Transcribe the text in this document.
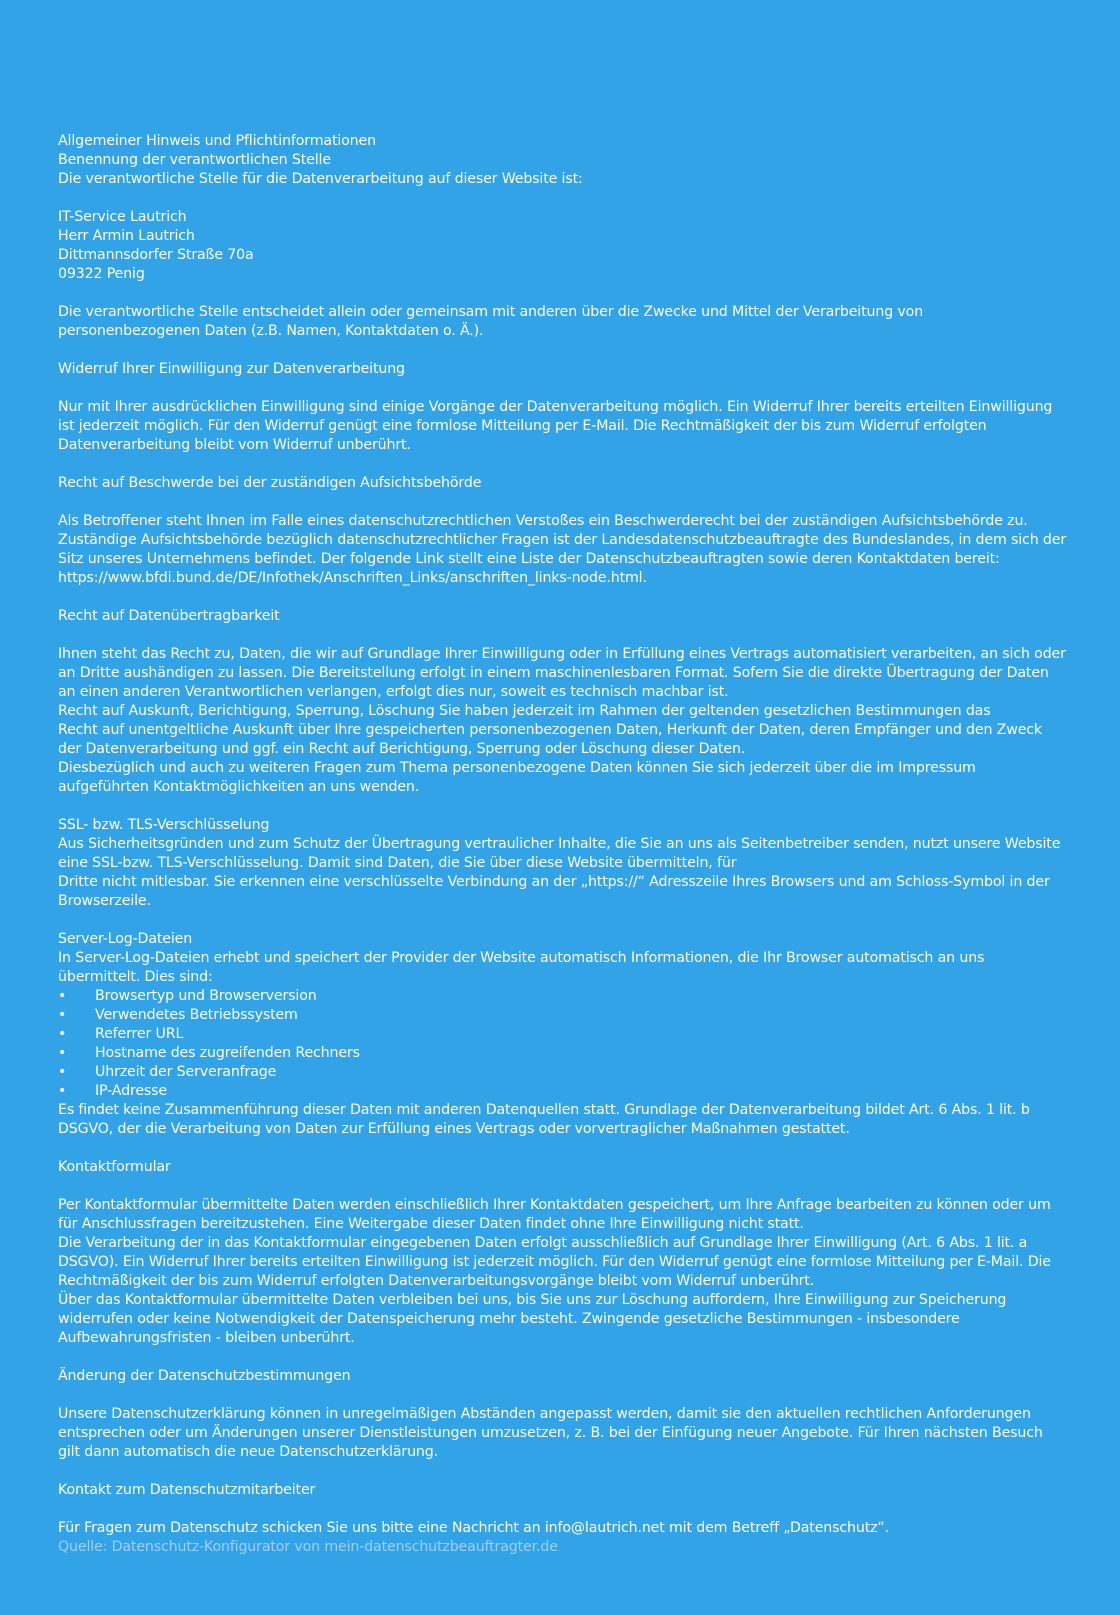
Allgemeiner Hinweis und Pflichtinformationen
Benennung der verantwortlichen Stelle
Die verantwortliche Stelle für die Datenverarbeitung auf dieser Website ist:
IT-Service Lautrich
Herr Armin Lautrich
Dittmannsdorfer Straße 70a
09322 Penig
Die verantwortliche Stelle entscheidet allein oder gemeinsam mit anderen über die Zwecke und Mittel der Verarbeitung von personenbezogenen Daten (z.B. Namen, Kontaktdaten o. Ä.).
Widerruf Ihrer Einwilligung zur Datenverarbeitung
Nur mit Ihrer ausdrücklichen Einwilligung sind einige Vorgänge der Datenverarbeitung möglich. Ein Widerruf Ihrer bereits erteilten Einwilligung ist jederzeit möglich. Für den Widerruf genügt eine formlose Mitteilung per E-Mail. Die Rechtmäßigkeit der bis zum Widerruf erfolgten Datenverarbeitung bleibt vom Widerruf unberührt.
Recht auf Beschwerde bei der zuständigen Aufsichtsbehörde
Als Betroffener steht Ihnen im Falle eines datenschutzrechtlichen Verstoßes ein Beschwerderecht bei der zuständigen Aufsichtsbehörde zu. Zuständige Aufsichtsbehörde bezüglich datenschutzrechtlicher Fragen ist der Landesdatenschutzbeauftragte des Bundeslandes, in dem sich der Sitz unseres Unternehmens befindet. Der folgende Link stellt eine Liste der Datenschutzbeauftragten sowie deren Kontaktdaten bereit:
https://www.bfdi.bund.de/DE/Infothek/Anschriften_Links/anschriften_links-node.html.
Recht auf Datenübertragbarkeit
Ihnen steht das Recht zu, Daten, die wir auf Grundlage Ihrer Einwilligung oder in Erfüllung eines Vertrags automatisiert verarbeiten, an sich oder an Dritte aushändigen zu lassen. Die Bereitstellung erfolgt in einem maschinenlesbaren Format. Sofern Sie die direkte Übertragung der Daten an einen anderen Verantwortlichen verlangen, erfolgt dies nur, soweit es technisch machbar ist.
Recht auf Auskunft, Berichtigung, Sperrung, Löschung Sie haben jederzeit im Rahmen der geltenden gesetzlichen Bestimmungen das
Recht auf unentgeltliche Auskunft über Ihre gespeicherten personenbezogenen Daten, Herkunft der Daten, deren Empfänger und den Zweck der Datenverarbeitung und ggf. ein Recht auf Berichtigung, Sperrung oder Löschung dieser Daten.
Diesbezüglich und auch zu weiteren Fragen zum Thema personenbezogene Daten können Sie sich jederzeit über die im Impressum aufgeführten Kontaktmöglichkeiten an uns wenden.
SSL- bzw. TLS-Verschlüsselung
Aus Sicherheitsgründen und zum Schutz der Übertragung vertraulicher Inhalte, die Sie an uns als Seitenbetreiber senden, nutzt unsere Website eine SSL-bzw. TLS-Verschlüsselung. Damit sind Daten, die Sie über diese Website übermitteln, für
Dritte nicht mitlesbar. Sie erkennen eine verschlüsselte Verbindung an der „https://“ Adresszeile Ihres Browsers und am Schloss-Symbol in der Browserzeile.
Server-Log-Dateien
In Server-Log-Dateien erhebt und speichert der Provider der Website automatisch Informationen, die Ihr Browser automatisch an uns übermittelt. Dies sind:
• Browsertyp und Browserversion
• Verwendetes Betriebssystem
• Referrer URL
• Hostname des zugreifenden Rechners
• Uhrzeit der Serveranfrage
• IP-Adresse
Es findet keine Zusammenführung dieser Daten mit anderen Datenquellen statt. Grundlage der Datenverarbeitung bildet Art. 6 Abs. 1 lit. b DSGVO, der die Verarbeitung von Daten zur Erfüllung eines Vertrags oder vorvertraglicher Maßnahmen gestattet.
Kontaktformular
Per Kontaktformular übermittelte Daten werden einschließlich Ihrer Kontaktdaten gespeichert, um Ihre Anfrage bearbeiten zu können oder um für Anschlussfragen bereitzustehen. Eine Weitergabe dieser Daten findet ohne Ihre Einwilligung nicht statt.
Die Verarbeitung der in das Kontaktformular eingegebenen Daten erfolgt ausschließlich auf Grundlage Ihrer Einwilligung (Art. 6 Abs. 1 lit. a DSGVO). Ein Widerruf Ihrer bereits erteilten Einwilligung ist jederzeit möglich. Für den Widerruf genügt eine formlose Mitteilung per E-Mail. Die Rechtmäßigkeit der bis zum Widerruf erfolgten Datenverarbeitungsvorgänge bleibt vom Widerruf unberührt.
Über das Kontaktformular übermittelte Daten verbleiben bei uns, bis Sie uns zur Löschung auffordern, Ihre Einwilligung zur Speicherung widerrufen oder keine Notwendigkeit der Datenspeicherung mehr besteht. Zwingende gesetzliche Bestimmungen - insbesondere Aufbewahrungsfristen - bleiben unberührt.
Änderung der Datenschutzbestimmungen
Unsere Datenschutzerklärung können in unregelmäßigen Abständen angepasst werden, damit sie den aktuellen rechtlichen Anforderungen entsprechen oder um Änderungen unserer Dienstleistungen umzusetzen, z. B. bei der Einfügung neuer Angebote. Für Ihren nächsten Besuch gilt dann automatisch die neue Datenschutzerklärung.
Kontakt zum Datenschutzmitarbeiter
Für Fragen zum Datenschutz schicken Sie uns bitte eine Nachricht an info@lautrich.net mit dem Betreff „Datenschutz“.
Quelle: Datenschutz-Konfigurator von mein-datenschutzbeauftragter.de
